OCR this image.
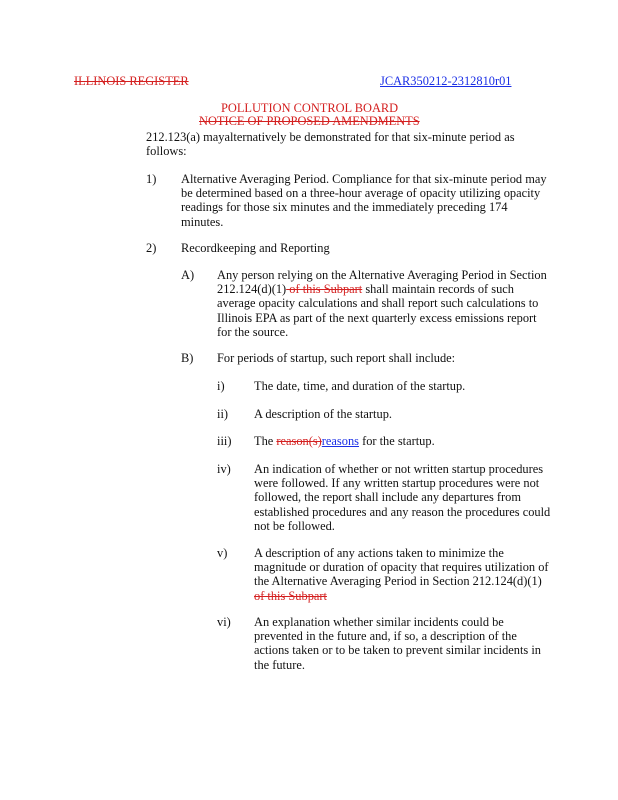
ILLINOIS REGISTER	JCAR350212-2312810r01
POLLUTION CONTROL BOARD
NOTICE OF PROPOSED AMENDMENTS
212.123(a) mayalternatively be demonstrated for that six-minute period as
follows:
1) Alternative Averaging Period. Compliance for that six-minute period may
be determined based on a three-hour average of opacity utilizing opacity
readings for those six minutes and the immediately preceding 174
minutes.
2) Recordkeeping and Reporting
A) Any person relying on the Alternative Averaging Period in Section
212.124(d)(1) of this Subpart shall maintain records of such
average opacity calculations and shall report such calculations to
Illinois EPA as part of the next quarterly excess emissions report
for the source.
B) For periods of startup, such report shall include:
i) The date, time, and duration of the startup.
ii) A description of the startup.
iii) The reason(s)reasons for the startup.
iv) An indication of whether or not written startup procedures
were followed. If any written startup procedures were not
followed, the report shall include any departures from
established procedures and any reason the procedures could
not be followed.
v) A description of any actions taken to minimize the
magnitude or duration of opacity that requires utilization of
the Alternative Averaging Period in Section 212.124(d)(1)
of this Subpart
vi) An explanation whether similar incidents could be
prevented in the future and, if so, a description of the
actions taken or to be taken to prevent similar incidents in
the future.
